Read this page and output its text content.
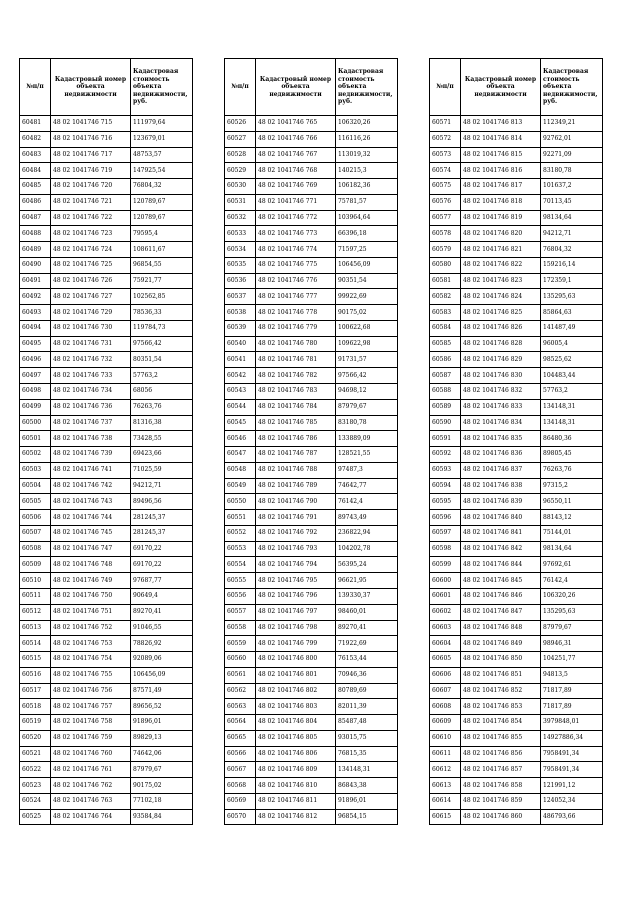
№п/п	Кадастровый номер объекта недвижимости	Кадастровая стоимость объекта недвижимости, руб.
60481	48 02 1041746 715	111979,64
60482	48 02 1041746 716	123679,01
60483	48 02 1041746 717	48753,57
60484	48 02 1041746 719	147925,54
60485	48 02 1041746 720	76804,32
60486	48 02 1041746 721	120789,67
60487	48 02 1041746 722	120789,67
60488	48 02 1041746 723	79595,4
60489	48 02 1041746 724	108611,67
60490	48 02 1041746 725	96854,55
60491	48 02 1041746 726	75921,77
60492	48 02 1041746 727	102562,85
60493	48 02 1041746 729	78536,33
60494	48 02 1041746 730	119784,73
60495	48 02 1041746 731	97566,42
60496	48 02 1041746 732	80351,54
60497	48 02 1041746 733	57763,2
60498	48 02 1041746 734	68056
60499	48 02 1041746 736	76263,76
60500	48 02 1041746 737	81316,38
60501	48 02 1041746 738	73428,55
60502	48 02 1041746 739	69423,66
60503	48 02 1041746 741	71025,59
60504	48 02 1041746 742	94212,71
60505	48 02 1041746 743	89496,56
60506	48 02 1041746 744	281245,37
60507	48 02 1041746 745	281245,37
60508	48 02 1041746 747	69170,22
60509	48 02 1041746 748	69170,22
60510	48 02 1041746 749	97687,77
60511	48 02 1041746 750	90649,4
60512	48 02 1041746 751	89270,41
60513	48 02 1041746 752	91046,55
60514	48 02 1041746 753	78826,92
60515	48 02 1041746 754	92089,06
60516	48 02 1041746 755	106456,09
60517	48 02 1041746 756	87571,49
60518	48 02 1041746 757	89656,52
60519	48 02 1041746 758	91896,01
60520	48 02 1041746 759	89829,13
60521	48 02 1041746 760	74642,06
60522	48 02 1041746 761	87979,67
60523	48 02 1041746 762	90175,02
60524	48 02 1041746 763	77102,18
60525	48 02 1041746 764	93584,84
№п/п	Кадастровый номер объекта недвижимости	Кадастровая стоимость объекта недвижимости, руб.
60526	48 02 1041746 765	106320,26
60527	48 02 1041746 766	116116,26
60528	48 02 1041746 767	113019,32
60529	48 02 1041746 768	140215,3
60530	48 02 1041746 769	106182,36
60531	48 02 1041746 771	75781,57
60532	48 02 1041746 772	103964,64
60533	48 02 1041746 773	66396,18
60534	48 02 1041746 774	71597,25
60535	48 02 1041746 775	106456,09
60536	48 02 1041746 776	90351,54
60537	48 02 1041746 777	99922,69
60538	48 02 1041746 778	90175,02
60539	48 02 1041746 779	100622,68
60540	48 02 1041746 780	109622,98
60541	48 02 1041746 781	91731,57
60542	48 02 1041746 782	97566,42
60543	48 02 1041746 783	94698,12
60544	48 02 1041746 784	87979,67
60545	48 02 1041746 785	83180,78
60546	48 02 1041746 786	133889,09
60547	48 02 1041746 787	128521,55
60548	48 02 1041746 788	97487,3
60549	48 02 1041746 789	74642,77
60550	48 02 1041746 790	76142,4
60551	48 02 1041746 791	89743,49
60552	48 02 1041746 792	236822,94
60553	48 02 1041746 793	104202,78
60554	48 02 1041746 794	56395,24
60555	48 02 1041746 795	96621,95
60556	48 02 1041746 796	139330,37
60557	48 02 1041746 797	98460,01
60558	48 02 1041746 798	89270,41
60559	48 02 1041746 799	71922,69
60560	48 02 1041746 800	76153,44
60561	48 02 1041746 801	70946,36
60562	48 02 1041746 802	80789,69
60563	48 02 1041746 803	82011,39
60564	48 02 1041746 804	85487,48
60565	48 02 1041746 805	93015,75
60566	48 02 1041746 806	76815,35
60567	48 02 1041746 809	134148,31
60568	48 02 1041746 810	86843,38
60569	48 02 1041746 811	91896,01
60570	48 02 1041746 812	96854,15
№п/п	Кадастровый номер объекта недвижимости	Кадастровая стоимость объекта недвижимости, руб.
60571	48 02 1041746 813	112349,21
60572	48 02 1041746 814	92762,01
60573	48 02 1041746 815	92271,09
60574	48 02 1041746 816	83180,78
60575	48 02 1041746 817	101637,2
60576	48 02 1041746 818	70113,45
60577	48 02 1041746 819	98134,64
60578	48 02 1041746 820	94212,71
60579	48 02 1041746 821	76804,32
60580	48 02 1041746 822	159216,14
60581	48 02 1041746 823	172359,1
60582	48 02 1041746 824	135295,63
60583	48 02 1041746 825	85864,63
60584	48 02 1041746 826	141487,49
60585	48 02 1041746 828	96005,4
60586	48 02 1041746 829	98525,62
60587	48 02 1041746 830	104483,44
60588	48 02 1041746 832	57763,2
60589	48 02 1041746 833	134148,31
60590	48 02 1041746 834	134148,31
60591	48 02 1041746 835	86480,36
60592	48 02 1041746 836	89805,45
60593	48 02 1041746 837	76263,76
60594	48 02 1041746 838	97315,2
60595	48 02 1041746 839	96550,11
60596	48 02 1041746 840	88143,12
60597	48 02 1041746 841	75144,01
60598	48 02 1041746 842	98134,64
60599	48 02 1041746 844	97692,61
60600	48 02 1041746 845	76142,4
60601	48 02 1041746 846	106320,26
60602	48 02 1041746 847	135295,63
60603	48 02 1041746 848	87979,67
60604	48 02 1041746 849	98946,31
60605	48 02 1041746 850	104251,77
60606	48 02 1041746 851	94813,5
60607	48 02 1041746 852	71817,89
60608	48 02 1041746 853	71817,89
60609	48 02 1041746 854	3979848,01
60610	48 02 1041746 855	14927886,34
60611	48 02 1041746 856	7958491,34
60612	48 02 1041746 857	7958491,34
60613	48 02 1041746 858	121991,12
60614	48 02 1041746 859	124052,34
60615	48 02 1041746 860	486793,66
